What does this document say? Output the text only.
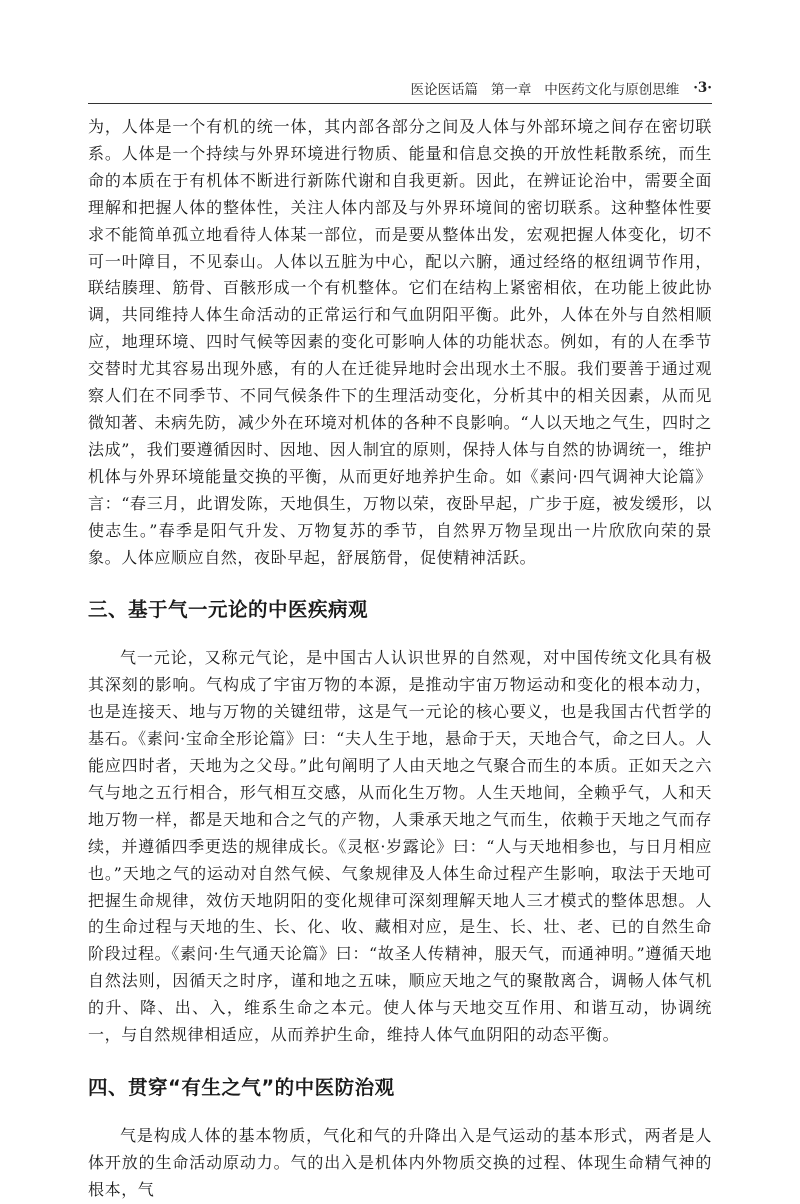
医论医话篇   第一章   中医药文化与原创思维 ·3·

为，人体是一个有机的统一体，其内部各部分之间及人体与外部环境之间存在密切联系。人体是一个持续与外界环境进行物质、能量和信息交换的开放性耗散系统，而生命的本质在于有机体不断进行新陈代谢和自我更新。因此，在辨证论治中，需要全面理解和把握人体的整体性，关注人体内部及与外界环境间的密切联系。这种整体性要求不能简单孤立地看待人体某一部位，而是要从整体出发，宏观把握人体变化，切不可一叶障目，不见泰山。人体以五脏为中心，配以六腑，通过经络的枢纽调节作用，联结腠理、筋骨、百骸形成一个有机整体。它们在结构上紧密相依，在功能上彼此协调，共同维持人体生命活动的正常运行和气血阴阳平衡。此外，人体在外与自然相顺应，地理环境、四时气候等因素的变化可影响人体的功能状态。例如，有的人在季节交替时尤其容易出现外感，有的人在迁徙异地时会出现水土不服。我们要善于通过观察人们在不同季节、不同气候条件下的生理活动变化，分析其中的相关因素，从而见微知著、未病先防，减少外在环境对机体的各种不良影响。“人以天地之气生，四时之法成”，我们要遵循因时、因地、因人制宜的原则，保持人体与自然的协调统一，维护机体与外界环境能量交换的平衡，从而更好地养护生命。如《素问·四气调神大论篇》言：“春三月，此谓发陈，天地俱生，万物以荣，夜卧早起，广步于庭，被发缓形，以使志生。”春季是阳气升发、万物复苏的季节，自然界万物呈现出一片欣欣向荣的景象。人体应顺应自然，夜卧早起，舒展筋骨，促使精神活跃。

三、基于气一元论的中医疾病观

气一元论，又称元气论，是中国古人认识世界的自然观，对中国传统文化具有极其深刻的影响。气构成了宇宙万物的本源，是推动宇宙万物运动和变化的根本动力，也是连接天、地与万物的关键纽带，这是气一元论的核心要义，也是我国古代哲学的基石。《素问·宝命全形论篇》曰：“夫人生于地，悬命于天，天地合气，命之曰人。人能应四时者，天地为之父母。”此句阐明了人由天地之气聚合而生的本质。正如天之六气与地之五行相合，形气相互交感，从而化生万物。人生天地间，全赖乎气，人和天地万物一样，都是天地和合之气的产物，人秉承天地之气而生，依赖于天地之气而存续，并遵循四季更迭的规律成长。《灵枢·岁露论》曰：“人与天地相参也，与日月相应也。”天地之气的运动对自然气候、气象规律及人体生命过程产生影响，取法于天地可把握生命规律，效仿天地阴阳的变化规律可深刻理解天地人三才模式的整体思想。人的生命过程与天地的生、长、化、收、藏相对应，是生、长、壮、老、已的自然生命阶段过程。《素问·生气通天论篇》曰：“故圣人传精神，服天气，而通神明。”遵循天地自然法则，因循天之时序，谨和地之五味，顺应天地之气的聚散离合，调畅人体气机的升、降、出、入，维系生命之本元。使人体与天地交互作用、和谐互动，协调统一，与自然规律相适应，从而养护生命，维持人体气血阴阳的动态平衡。

四、贯穿“有生之气”的中医防治观

气是构成人体的基本物质，气化和气的升降出入是气运动的基本形式，两者是人体开放的生命活动原动力。气的出入是机体内外物质交换的过程、体现生命精气神的根本，气
